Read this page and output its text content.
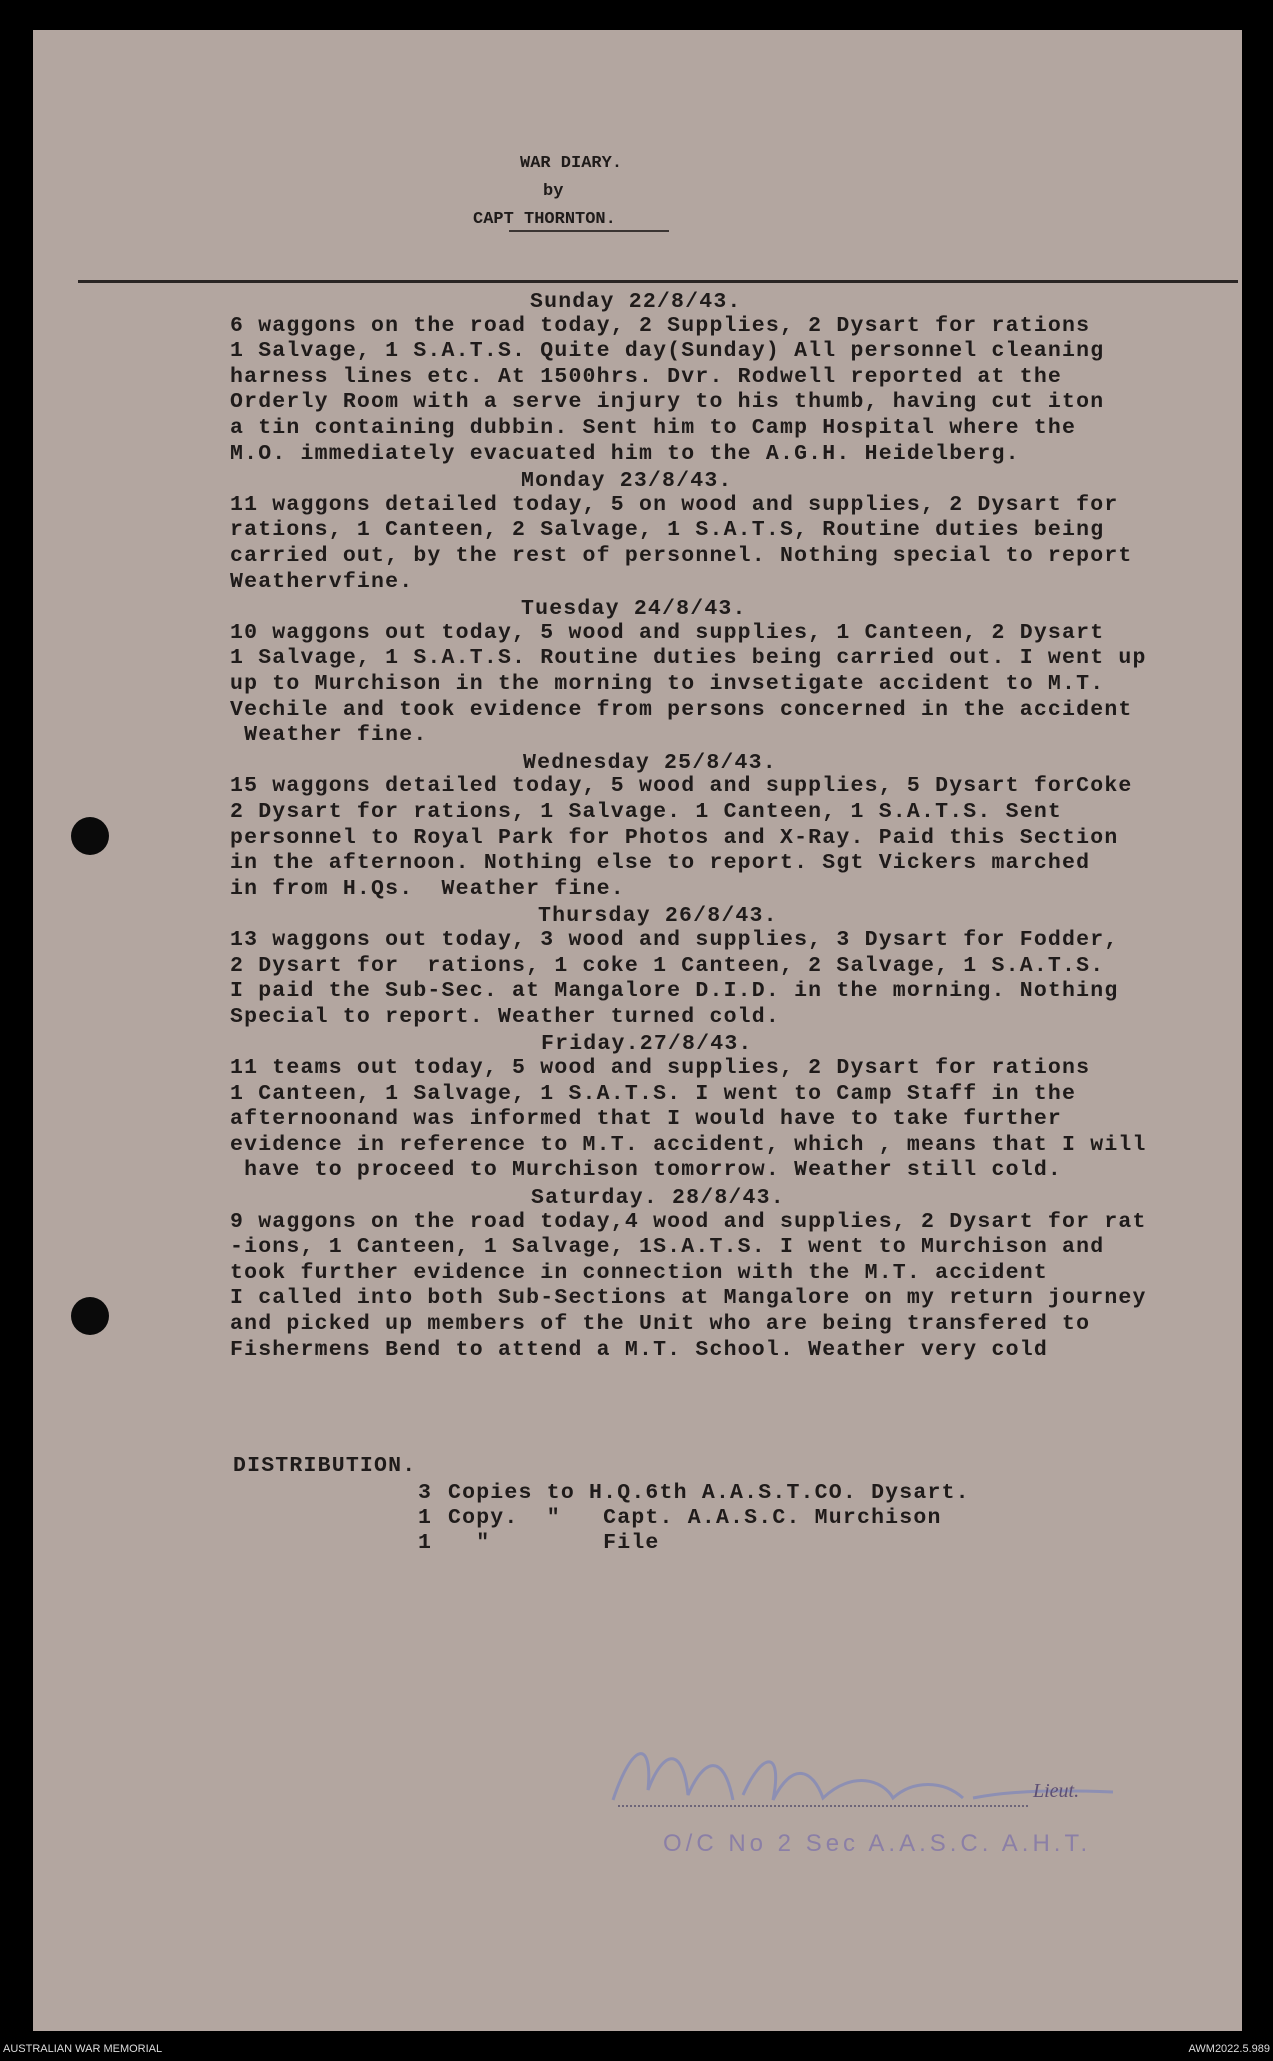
WAR DIARY.
by
CAPT THORNTON.
Sunday 22/8/43.
6 waggons on the road today, 2 Supplies, 2 Dysart for rations
1 Salvage, 1 S.A.T.S. Quite day(Sunday) All personnel cleaning
harness lines etc. At 1500hrs. Dvr. Rodwell reported at the
Orderly Room with a serve injury to his thumb, having cut iton
a tin containing dubbin. Sent him to Camp Hospital where the
M.O. immediately evacuated him to the A.G.H. Heidelberg.
Monday 23/8/43.
11 waggons detailed today, 5 on wood and supplies, 2 Dysart for
rations, 1 Canteen, 2 Salvage, 1 S.A.T.S, Routine duties being
carried out, by the rest of personnel. Nothing special to report
Weathervfine.
Tuesday 24/8/43.
10 waggons out today, 5 wood and supplies, 1 Canteen, 2 Dysart
1 Salvage, 1 S.A.T.S. Routine duties being carried out. I went up
up to Murchison in the morning to invsetigate accident to M.T.
Vechile and took evidence from persons concerned in the accident
Weather fine.
Wednesday 25/8/43.
15 waggons detailed today, 5 wood and supplies, 5 Dysart forCoke
2 Dysart for rations, 1 Salvage. 1 Canteen, 1 S.A.T.S. Sent
personnel to Royal Park for Photos and X-Ray. Paid this Section
in the afternoon. Nothing else to report. Sgt Vickers marched
in from H.Qs.  Weather fine.
Thursday 26/8/43.
13 waggons out today, 3 wood and supplies, 3 Dysart for Fodder,
2 Dysart for  rations, 1 coke 1 Canteen, 2 Salvage, 1 S.A.T.S.
I paid the Sub-Sec. at Mangalore D.I.D. in the morning. Nothing
Special to report. Weather turned cold.
Friday.27/8/43.
11 teams out today, 5 wood and supplies, 2 Dysart for rations
1 Canteen, 1 Salvage, 1 S.A.T.S. I went to Camp Staff in the
afternoonand was informed that I would have to take further
evidence in reference to M.T. accident, which , means that I will
have to proceed to Murchison tomorrow. Weather still cold.
Saturday. 28/8/43.
9 waggons on the road today,4 wood and supplies, 2 Dysart for rat
-ions, 1 Canteen, 1 Salvage, 1S.A.T.S. I went to Murchison and
took further evidence in connection with the M.T. accident
I called into both Sub-Sections at Mangalore on my return journey
and picked up members of the Unit who are being transfered to
Fishermens Bend to attend a M.T. School. Weather very cold
DISTRIBUTION.
3 Copies to H.Q.6th A.A.S.T.CO. Dysart.
1 Copy.  "   Capt. A.A.S.C. Murchison
1 "        File
Lieut.
O/C No 2 Sec A.A.S.C. A.H.T.
AUSTRALIAN WAR MEMORIAL	AWM2022.5.989
